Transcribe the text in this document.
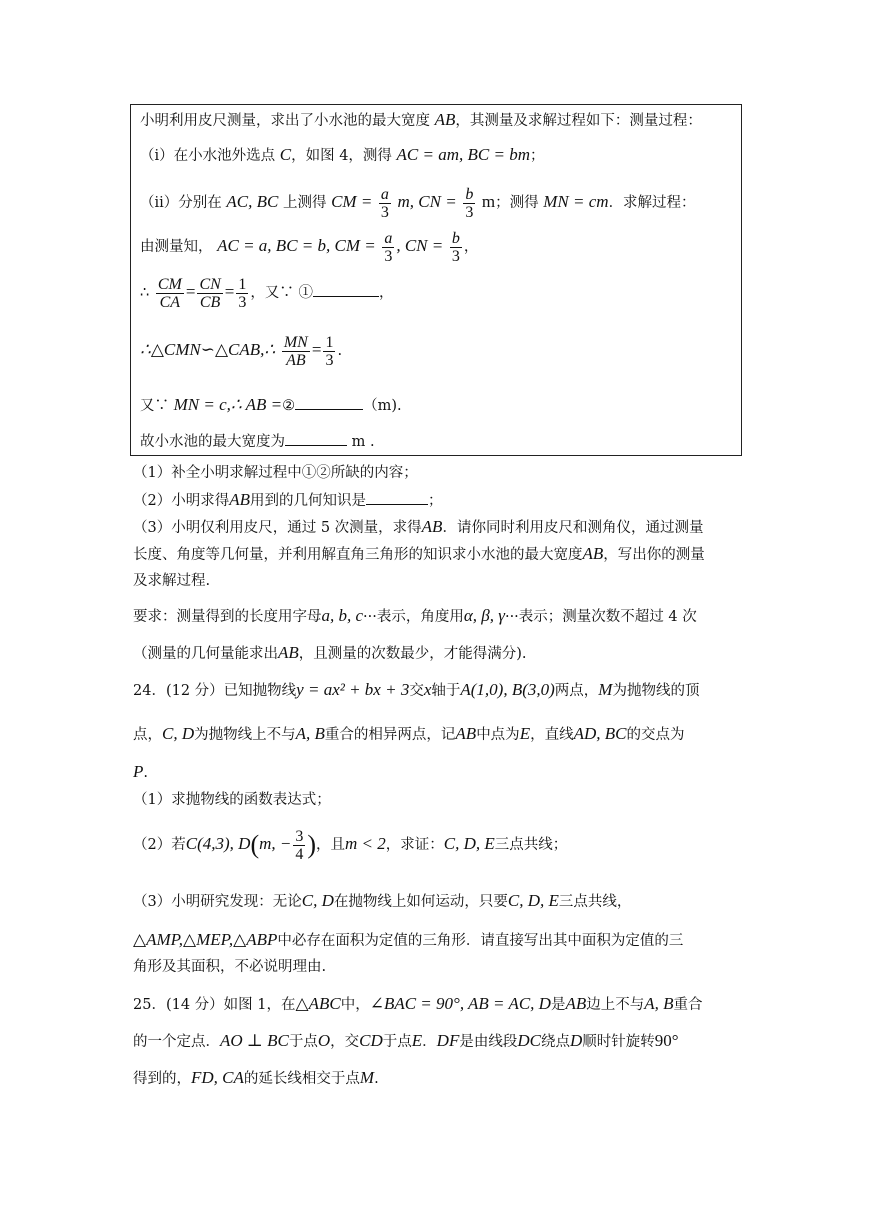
小明利用皮尺测量，求出了小水池的最大宽度 AB，其测量及求解过程如下：测量过程：
（ⅰ）在小水池外选点 C，如图 4，测得 AC = am, BC = bm；
（ⅱ）分别在 AC, BC 上测得 CM = $\frac{a}{3} m$, CN = $\frac{b}{3}$ m；测得 MN = cm．求解过程：
由测量知， AC = a, BC = b, CM = $\frac{a}{3}$ , CN = $\frac{b}{3}$ ，
∴ $\frac{CM}{CA} = \frac{CN}{CB} = \frac{1}{3}$ ，又∵ ①	，
∴△CMN∽△CAB,∴ $\frac{MN}{AB} = \frac{1}{3}$ .
又∵ MN = c,∴ AB =②	（m).
故小水池的最大宽度为	m .
（1）补全小明求解过程中①②所缺的内容；
（2）小明求得AB用到的几何知识是	；
（3）小明仅利用皮尺，通过 5 次测量，求得AB．请你同时利用皮尺和测角仪，通过测量
长度、角度等几何量，并利用解直角三角形的知识求小水池的最大宽度AB，写出你的测量
及求解过程.
要求：测量得到的长度用字母a, b, c···表示，角度用α, β, γ···表示；测量次数不超过 4 次
（测量的几何量能求出AB，且测量的次数最少，才能得满分).
24．(12 分）已知抛物线y = ax² + bx + 3交x轴于A(1,0), B(3,0)两点，M为抛物线的顶
点，C, D为抛物线上不与A, B重合的相异两点，记AB中点为E，直线AD, BC的交点为
P.
（1）求抛物线的函数表达式；
（2）若C(4,3), D(m, − $\frac{3}{4}$ )，且m < 2，求证：C, D, E三点共线；
（3）小明研究发现：无论C, D在抛物线上如何运动，只要C, D, E三点共线，
△AMP,△MEP,△ABP中必存在面积为定值的三角形．请直接写出其中面积为定值的三
角形及其面积，不必说明理由.
25．(14 分）如图 1，在△ABC中，∠BAC = 90°, AB = AC, D是AB边上不与A, B重合
的一个定点．AO ⊥ BC于点O，交CD于点E．DF是由线段DC绕点D顺时针旋转90°
得到的，FD, CA的延长线相交于点M.
